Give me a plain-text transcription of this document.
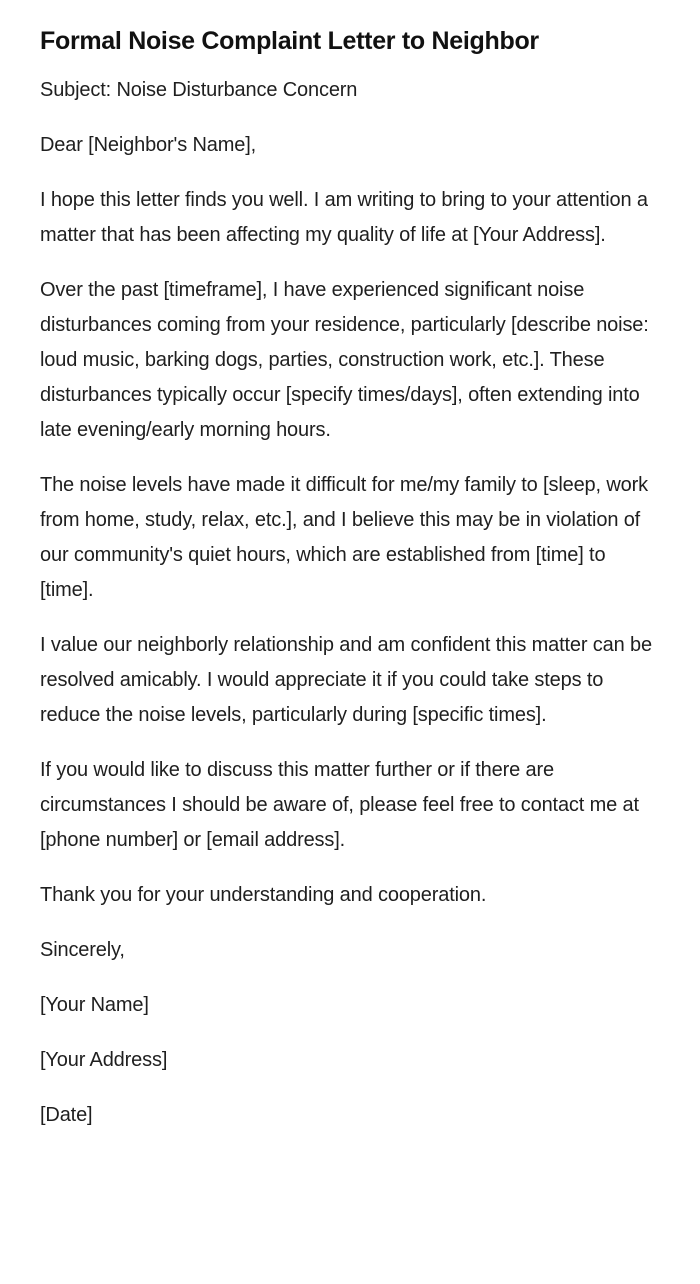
Formal Noise Complaint Letter to Neighbor

Subject: Noise Disturbance Concern

Dear [Neighbor's Name],

I hope this letter finds you well. I am writing to bring to your attention a matter that has been affecting my quality of life at [Your Address].

Over the past [timeframe], I have experienced significant noise disturbances coming from your residence, particularly [describe noise: loud music, barking dogs, parties, construction work, etc.]. These disturbances typically occur [specify times/days], often extending into late evening/early morning hours.

The noise levels have made it difficult for me/my family to [sleep, work from home, study, relax, etc.], and I believe this may be in violation of our community's quiet hours, which are established from [time] to [time].

I value our neighborly relationship and am confident this matter can be resolved amicably. I would appreciate it if you could take steps to reduce the noise levels, particularly during [specific times].

If you would like to discuss this matter further or if there are circumstances I should be aware of, please feel free to contact me at [phone number] or [email address].

Thank you for your understanding and cooperation.

Sincerely,

[Your Name]

[Your Address]

[Date]
